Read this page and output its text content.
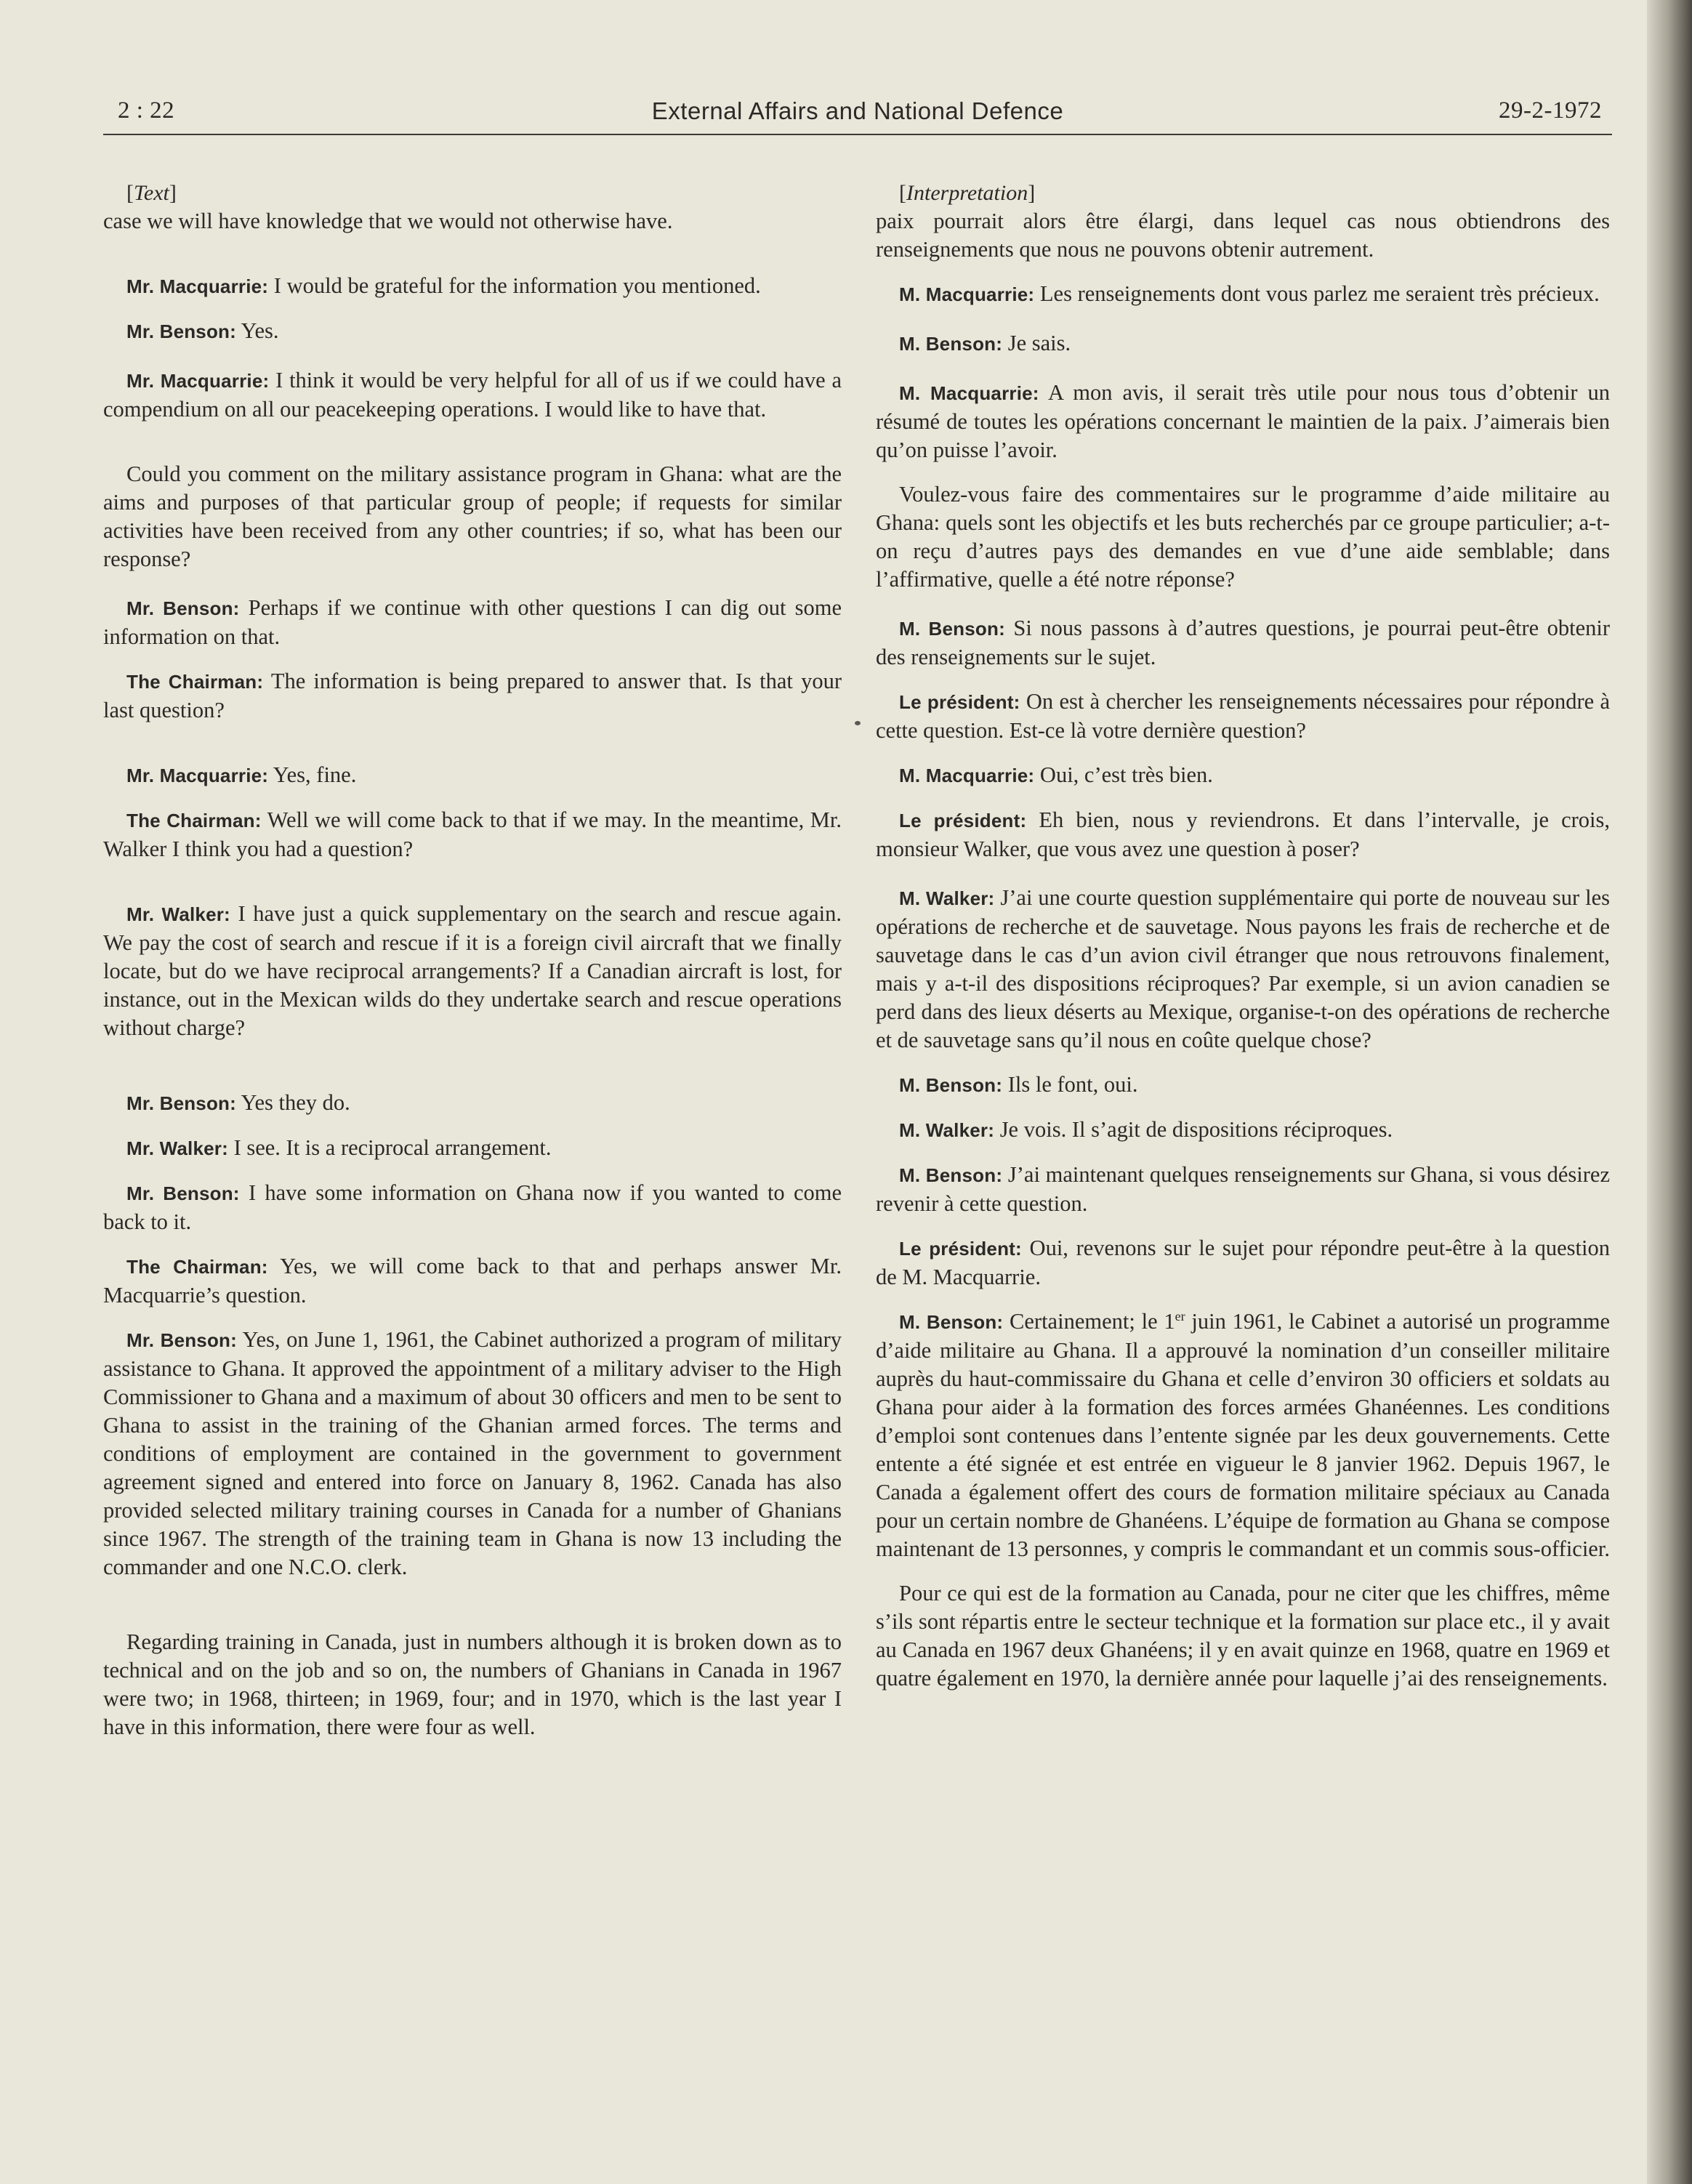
2 : 22	External Affairs and National Defence	29-2-1972
[Text]

case we will have knowledge that we would not otherwise have.

Mr. Macquarrie: I would be grateful for the information you mentioned.

Mr. Benson: Yes.

Mr. Macquarrie: I think it would be very helpful for all of us if we could have a compendium on all our peacekeeping operations. I would like to have that.

Could you comment on the military assistance program in Ghana: what are the aims and purposes of that particular group of people; if requests for similar activities have been received from any other countries; if so, what has been our response?

Mr. Benson: Perhaps if we continue with other questions I can dig out some information on that.

The Chairman: The information is being prepared to answer that. Is that your last question?

Mr. Macquarrie: Yes, fine.

The Chairman: Well we will come back to that if we may. In the meantime, Mr. Walker I think you had a question?

Mr. Walker: I have just a quick supplementary on the search and rescue again. We pay the cost of search and rescue if it is a foreign civil aircraft that we finally locate, but do we have reciprocal arrangements? If a Canadian aircraft is lost, for instance, out in the Mexican wilds do they undertake search and rescue operations without charge?

Mr. Benson: Yes they do.

Mr. Walker: I see. It is a reciprocal arrangement.

Mr. Benson: I have some information on Ghana now if you wanted to come back to it.

The Chairman: Yes, we will come back to that and perhaps answer Mr. Macquarrie’s question.

Mr. Benson: Yes, on June 1, 1961, the Cabinet authorized a program of military assistance to Ghana. It approved the appointment of a military adviser to the High Commissioner to Ghana and a maximum of about 30 officers and men to be sent to Ghana to assist in the training of the Ghanian armed forces. The terms and conditions of employment are contained in the government to government agreement signed and entered into force on January 8, 1962. Canada has also provided selected military training courses in Canada for a number of Ghanians since 1967. The strength of the training team in Ghana is now 13 including the commander and one N.C.O. clerk.

Regarding training in Canada, just in numbers although it is broken down as to technical and on the job and so on, the numbers of Ghanians in Canada in 1967 were two; in 1968, thirteen; in 1969, four; and in 1970, which is the last year I have in this information, there were four as well.

[Interpretation]

paix pourrait alors être élargi, dans lequel cas nous obtiendrons des renseignements que nous ne pouvons obtenir autrement.

M. Macquarrie: Les renseignements dont vous parlez me seraient très précieux.

M. Benson: Je sais.

M. Macquarrie: A mon avis, il serait très utile pour nous tous d’obtenir un résumé de toutes les opérations concernant le maintien de la paix. J’aimerais bien qu’on puisse l’avoir.

Voulez-vous faire des commentaires sur le programme d’aide militaire au Ghana: quels sont les objectifs et les buts recherchés par ce groupe particulier; a-t-on reçu d’autres pays des demandes en vue d’une aide semblable; dans l’affirmative, quelle a été notre réponse?

M. Benson: Si nous passons à d’autres questions, je pourrai peut-être obtenir des renseignements sur le sujet.

Le président: On est à chercher les renseignements nécessaires pour répondre à cette question. Est-ce là votre dernière question?

M. Macquarrie: Oui, c’est très bien.

Le président: Eh bien, nous y reviendrons. Et dans l’intervalle, je crois, monsieur Walker, que vous avez une question à poser?

M. Walker: J’ai une courte question supplémentaire qui porte de nouveau sur les opérations de recherche et de sauvetage. Nous payons les frais de recherche et de sauvetage dans le cas d’un avion civil étranger que nous retrouvons finalement, mais y a-t-il des dispositions réciproques? Par exemple, si un avion canadien se perd dans des lieux déserts au Mexique, organise-t-on des opérations de recherche et de sauvetage sans qu’il nous en coûte quelque chose?

M. Benson: Ils le font, oui.

M. Walker: Je vois. Il s’agit de dispositions réciproques.

M. Benson: J’ai maintenant quelques renseignements sur Ghana, si vous désirez revenir à cette question.

Le président: Oui, revenons sur le sujet pour répondre peut-être à la question de M. Macquarrie.

M. Benson: Certainement; le 1er juin 1961, le Cabinet a autorisé un programme d’aide militaire au Ghana. Il a approuvé la nomination d’un conseiller militaire auprès du haut-commissaire du Ghana et celle d’environ 30 officiers et soldats au Ghana pour aider à la formation des forces armées Ghanéennes. Les conditions d’emploi sont contenues dans l’entente signée par les deux gouvernements. Cette entente a été signée et est entrée en vigueur le 8 janvier 1962. Depuis 1967, le Canada a également offert des cours de formation militaire spéciaux au Canada pour un certain nombre de Ghanéens. L’équipe de formation au Ghana se compose maintenant de 13 personnes, y compris le commandant et un commis sous-officier.

Pour ce qui est de la formation au Canada, pour ne citer que les chiffres, même s’ils sont répartis entre le secteur technique et la formation sur place etc., il y avait au Canada en 1967 deux Ghanéens; il y en avait quinze en 1968, quatre en 1969 et quatre également en 1970, la dernière année pour laquelle j’ai des renseignements.
